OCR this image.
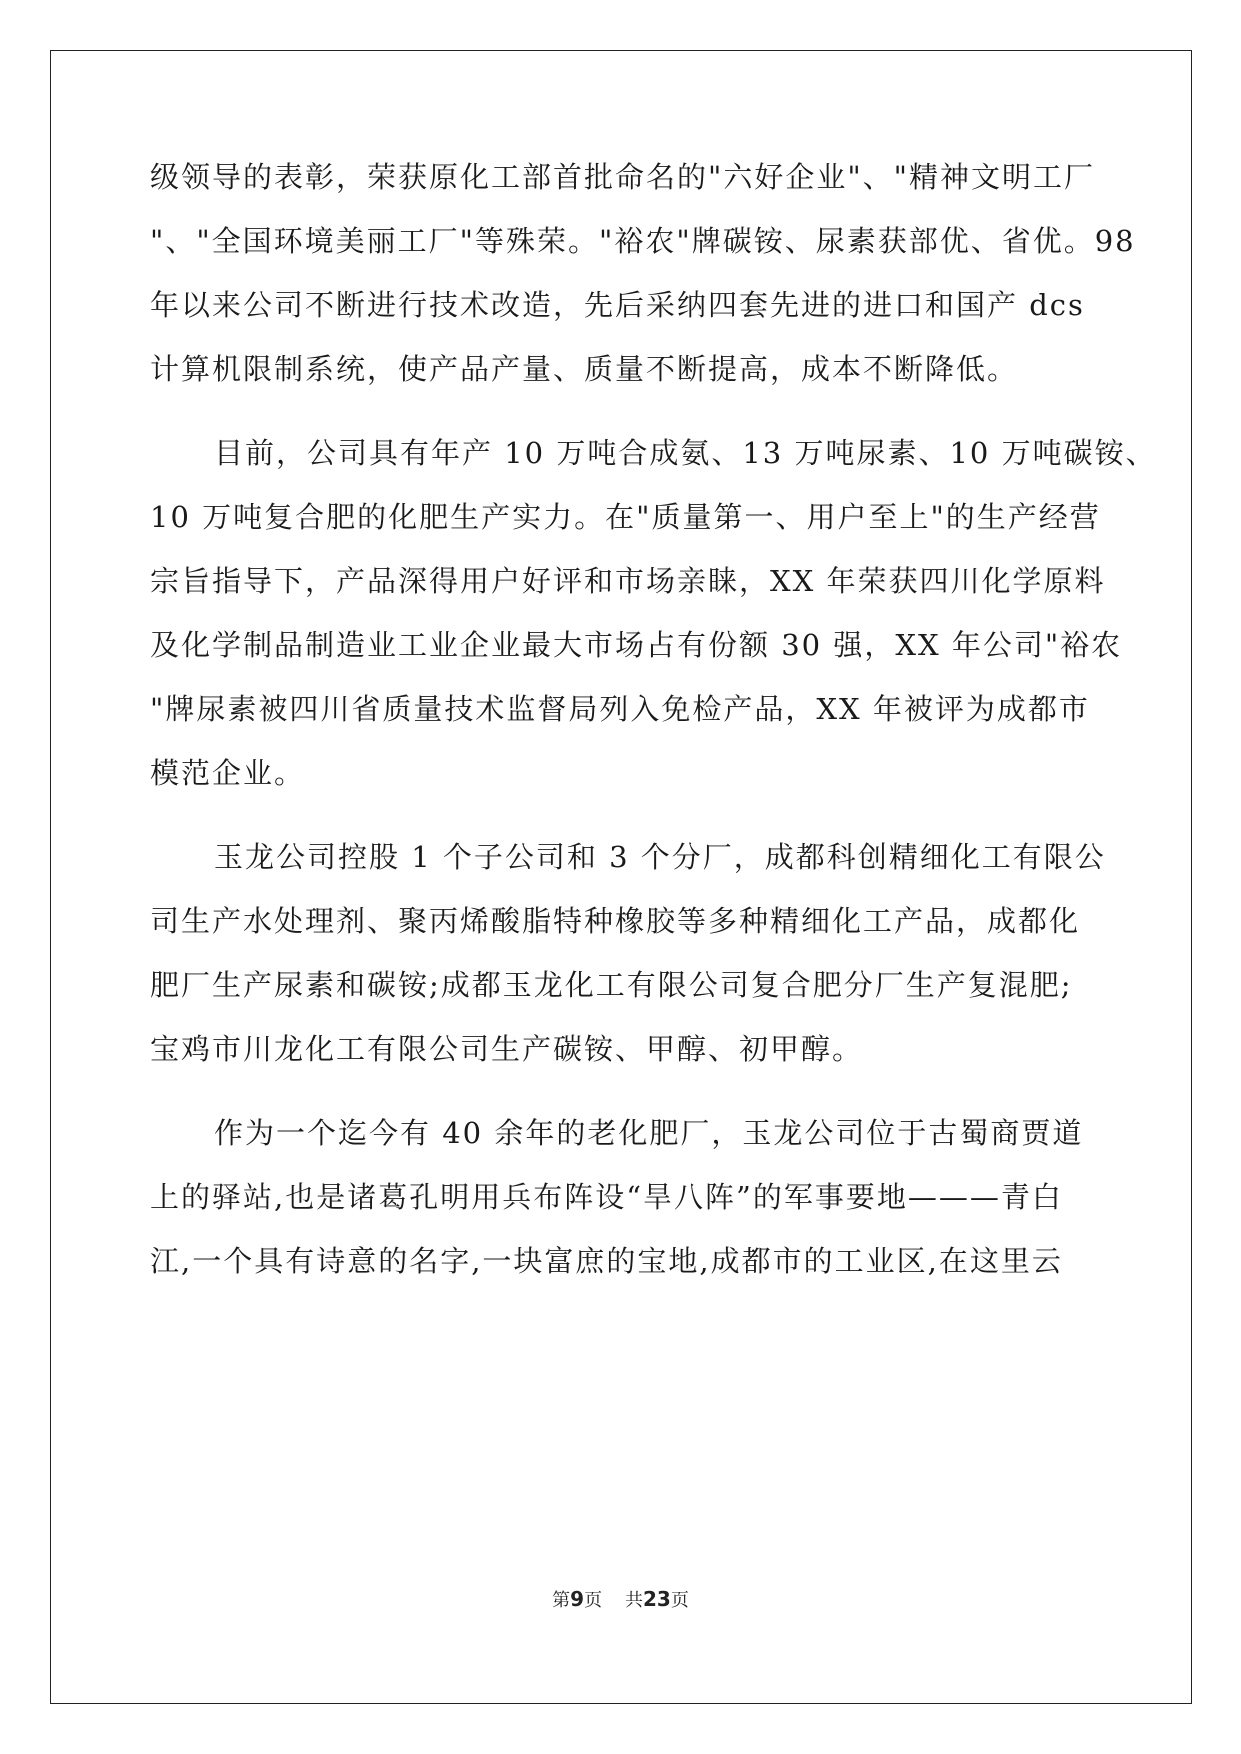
级领导的表彰，荣获原化工部首批命名的"六好企业"、"精神文明工厂
"、"全国环境美丽工厂"等殊荣。"裕农"牌碳铵、尿素获部优、省优。98
年以来公司不断进行技术改造，先后采纳四套先进的进口和国产 dcs
计算机限制系统，使产品产量、质量不断提高，成本不断降低。
目前，公司具有年产 10 万吨合成氨、13 万吨尿素、10 万吨碳铵、
10 万吨复合肥的化肥生产实力。在"质量第一、用户至上"的生产经营
宗旨指导下，产品深得用户好评和市场亲睐，XX 年荣获四川化学原料
及化学制品制造业工业企业最大市场占有份额 30 强，XX 年公司"裕农
"牌尿素被四川省质量技术监督局列入免检产品，XX 年被评为成都市
模范企业。
玉龙公司控股 1 个子公司和 3 个分厂，成都科创精细化工有限公
司生产水处理剂、聚丙烯酸脂特种橡胶等多种精细化工产品，成都化
肥厂生产尿素和碳铵;成都玉龙化工有限公司复合肥分厂生产复混肥;
宝鸡市川龙化工有限公司生产碳铵、甲醇、初甲醇。
作为一个迄今有 40 余年的老化肥厂，玉龙公司位于古蜀商贾道
上的驿站,也是诸葛孔明用兵布阵设“旱八阵”的军事要地———青白
江,一个具有诗意的名字,一块富庶的宝地,成都市的工业区,在这里云
第9页 共23页
